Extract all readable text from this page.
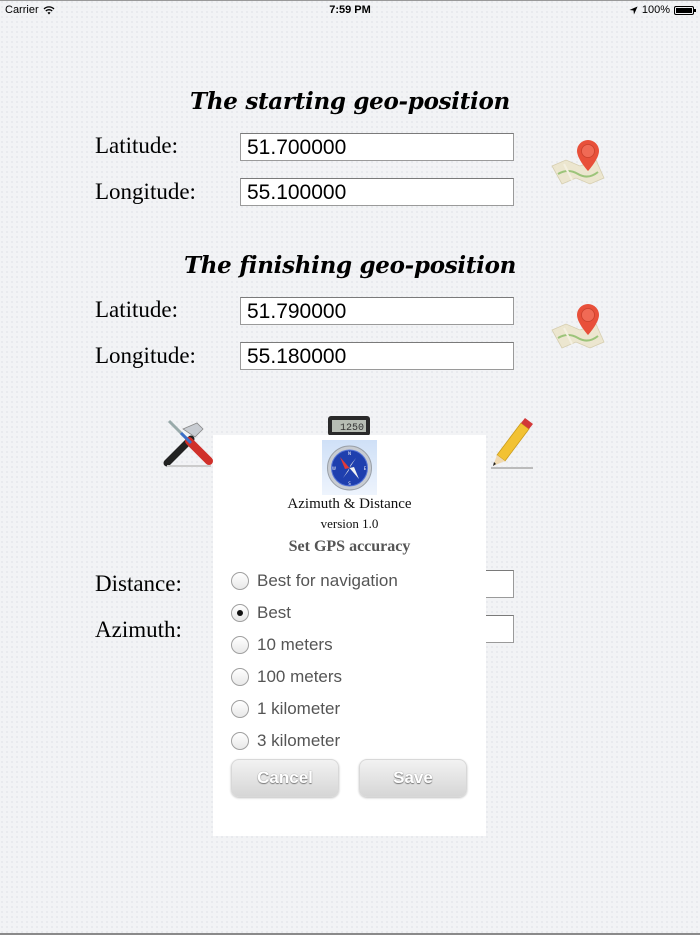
Carrier	7:59 PM	100%
The starting geo-position
Latitude:	51.700000
Longitude:	55.100000
The finishing geo-position
Latitude:	51.790000
Longitude:	55.180000
1250
Distance:
Azimuth:
N
S
W	E
Azimuth & Distance
version 1.0
Set GPS accuracy
Best for navigation
Best
10 meters
100 meters
1 kilometer
3 kilometer
Cancel	Save
